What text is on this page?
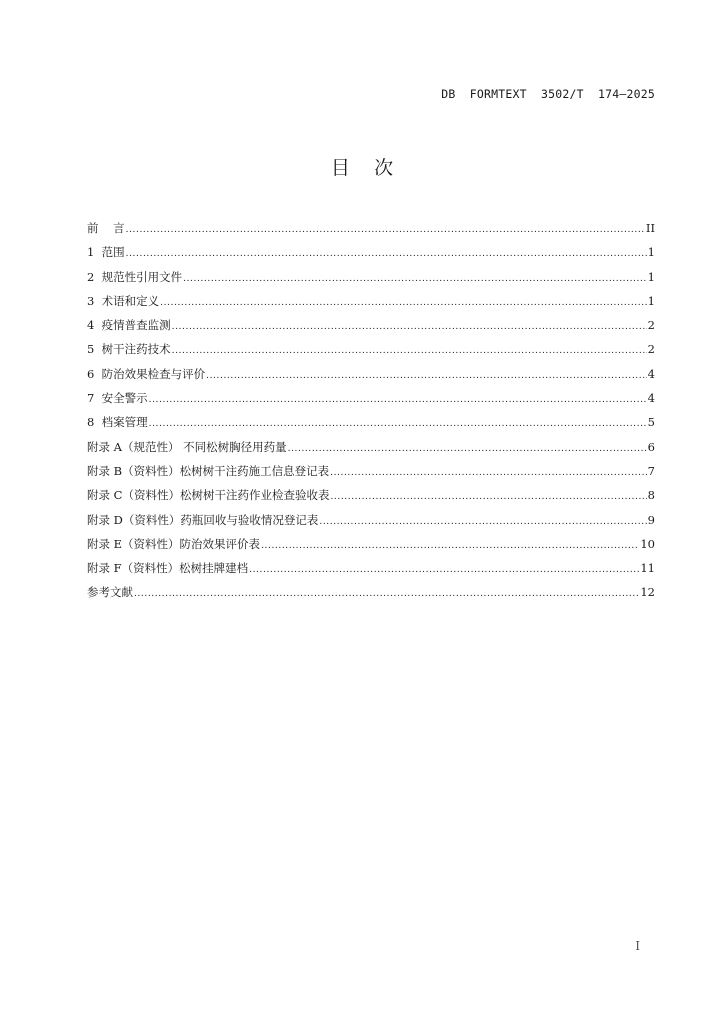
DB  FORMTEXT  3502/T  174—2025
目    次
前    言 .....	II
1  范围 .....	1
2  规范性引用文件 .....	1
3  术语和定义 .....	1
4  疫情普查监测 .....	2
5  树干注药技术 .....	2
6  防治效果检查与评价 .....	4
7  安全警示 .....	4
8  档案管理 .....	5
附录 A（规范性） 不同松树胸径用药量 .....	6
附录 B（资料性）松树树干注药施工信息登记表 .....	7
附录 C（资料性）松树树干注药作业检查验收表 .....	8
附录 D（资料性）药瓶回收与验收情况登记表 .....	9
附录 E（资料性）防治效果评价表 .....	10
附录 F（资料性）松树挂牌建档 .....	11
参考文献 .....	12
I
